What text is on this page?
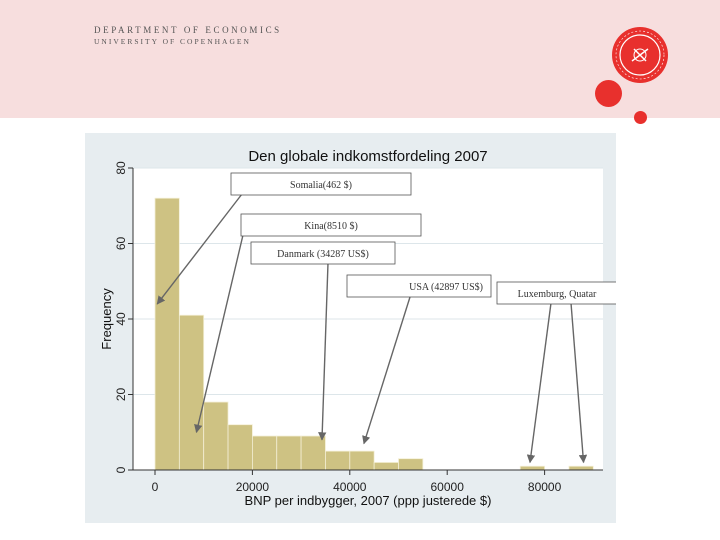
DEPARTMENT OF ECONOMICS
UNIVERSITY OF COPENHAGEN
0
20
40
60
80
0	20000	40000	60000	80000
Somalia(462 $)
Kina(8510 $)
Danmark (34287 US$)
USA (42897 US$)
Luxemburg, Quatar
Den globale indkomstfordeling 2007
BNP per indbygger, 2007 (ppp justerede $)
Frequency
